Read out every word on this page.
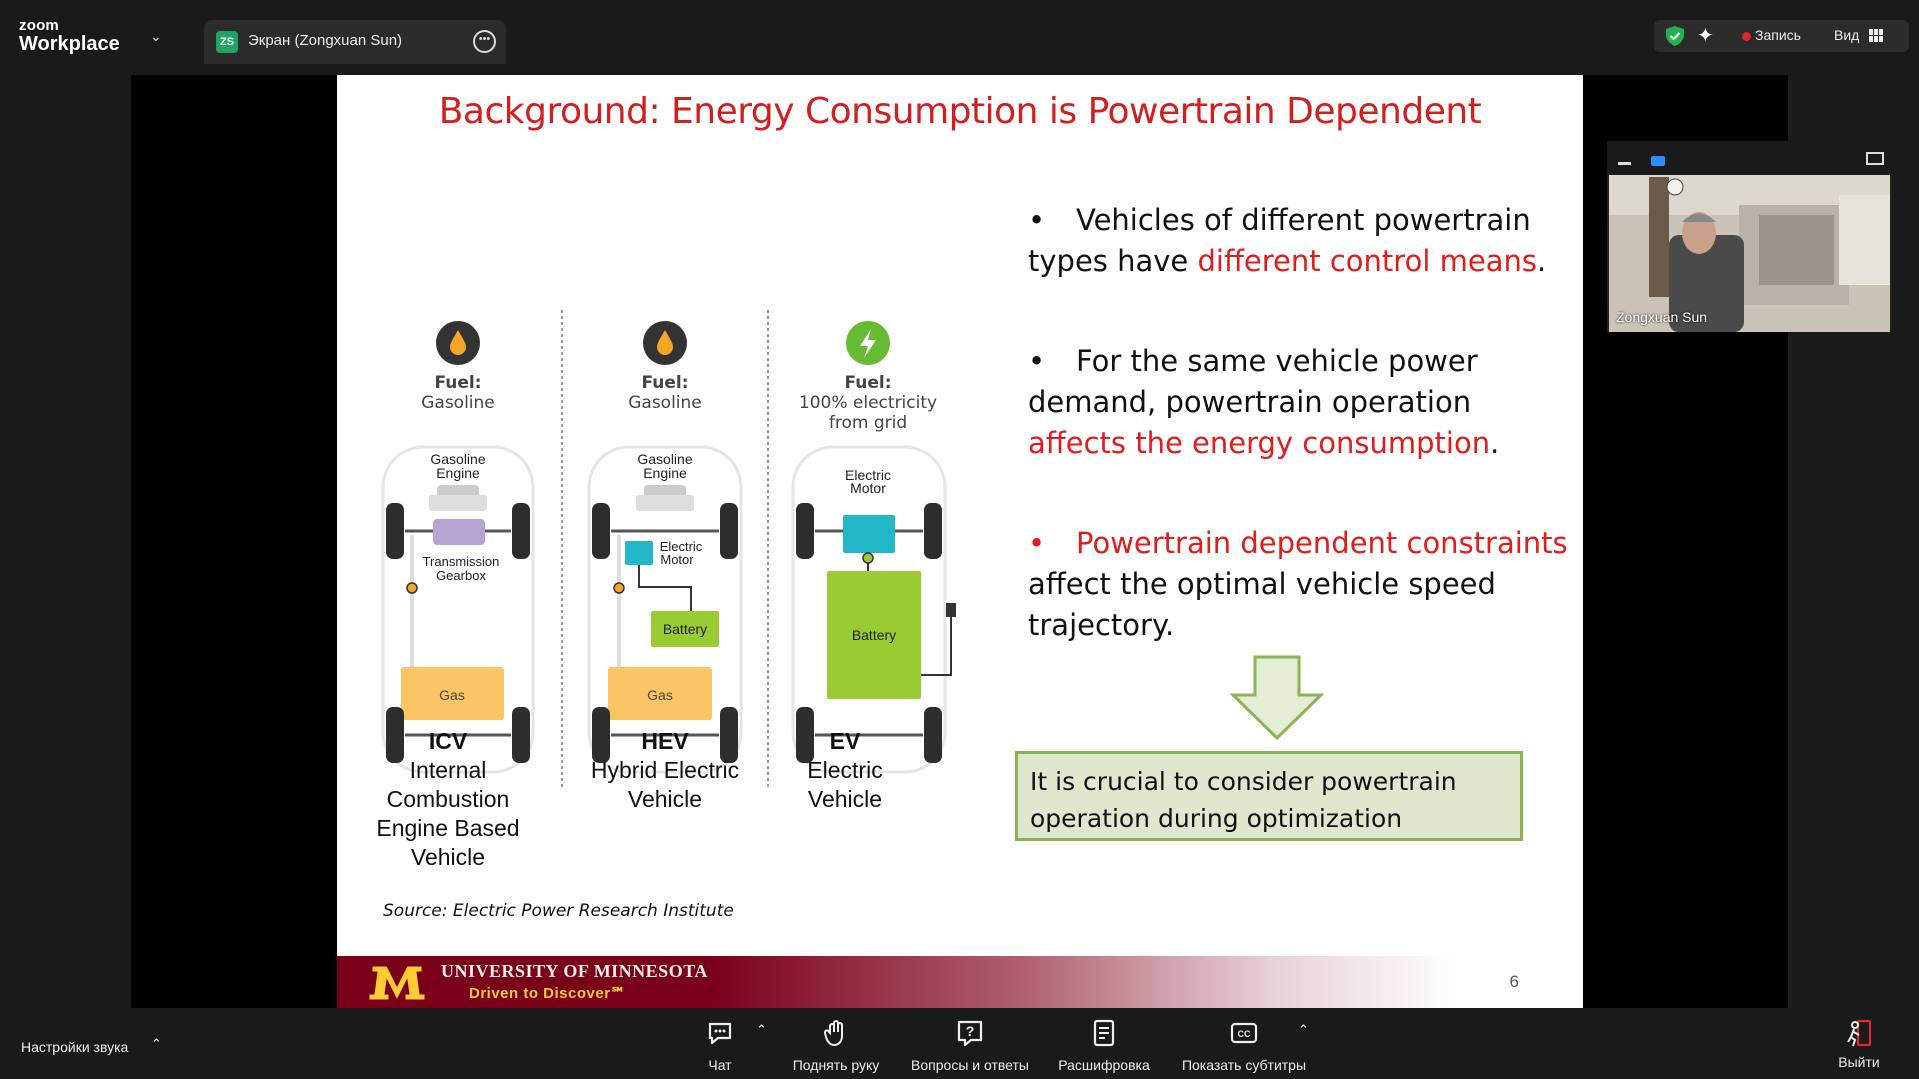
zoom
Workplace ⌄	ZS Экран (Zongxuan Sun)	•••	✦	Запись Вид
Background: Energy Consumption is Powertrain Dependent
Fuel:
Gasoline
Gasoline
Engine
Transmission
Gearbox
Gas
Fuel:
Gasoline
Gasoline
Engine
Electric
Motor
Battery
Gas
Fuel:
100% electricity
from grid
Electric
Motor
Battery
ICV
Internal
Combustion
Engine Based
Vehicle
HEV
Hybrid Electric
Vehicle
EV
Electric
Vehicle
• Vehicles of different powertrain types have different control means.
• For the same vehicle power demand, powertrain operation affects the energy consumption.
• Powertrain dependent constraints affect the optimal vehicle speed trajectory.
It is crucial to consider powertrain operation during optimization
Source: Electric Power Research Institute
UNIVERSITY OF MINNESOTA
Driven to Discover℠
6
Zongxuan Sun
Настройки звука ⌃
Чат
⌃
Поднять руку
?
Вопросы и ответы	Расшифровка
CC
Показать субтитры
⌃
Выйти
